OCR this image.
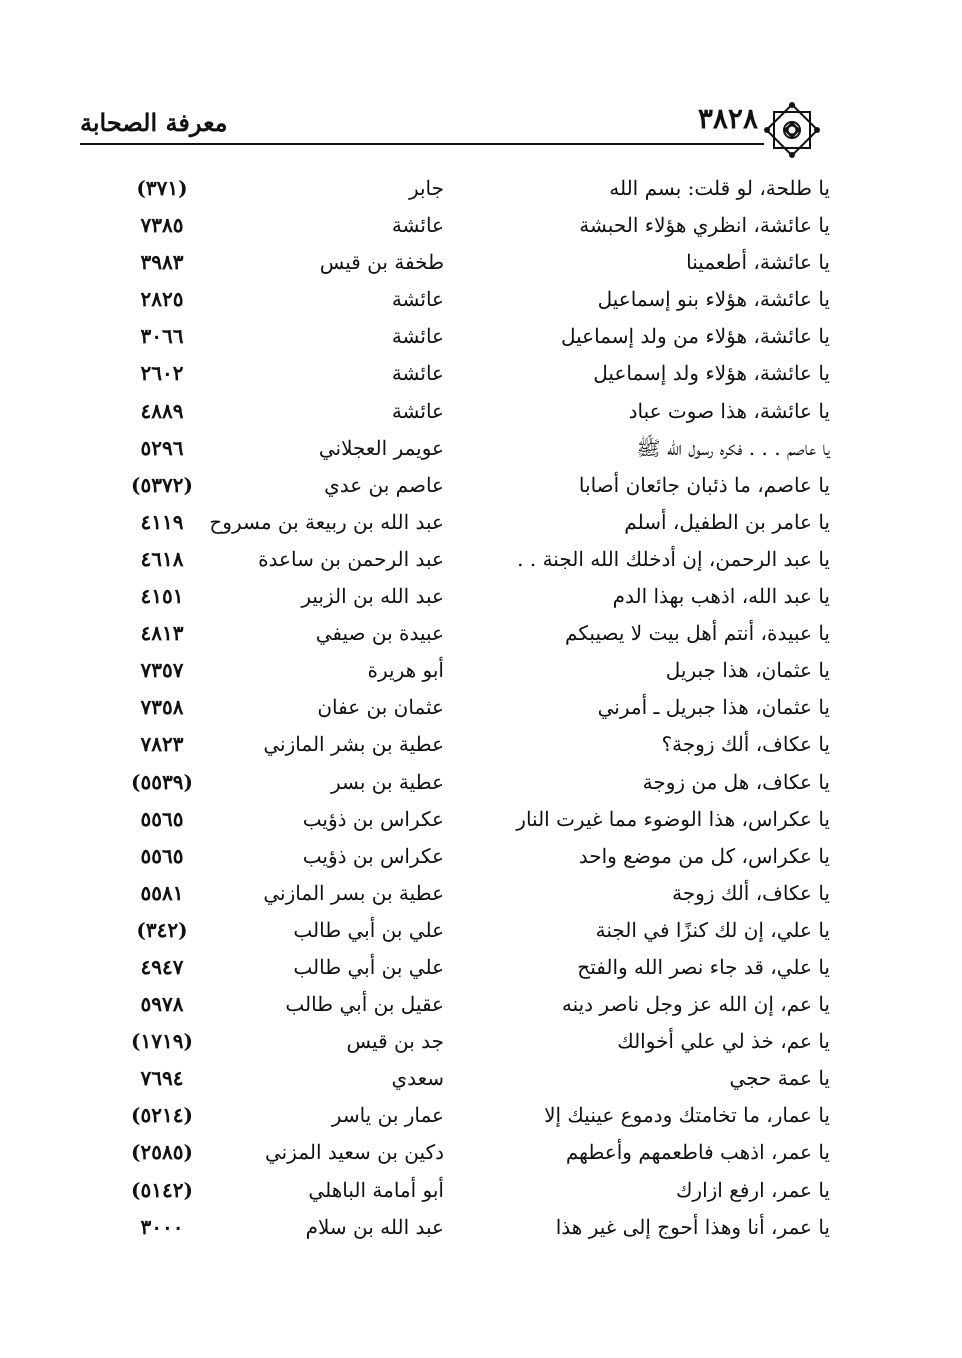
معرفة الصحابة	٣٨٢٨
يا طلحة، لو قلت: بسم الله
جابر
(٣٧١)
يا عائشة، انظري هؤلاء الحبشة
عائشة
٧٣٨٥
يا عائشة، أطعمينا
طخفة بن قيس
٣٩٨٣
يا عائشة، هؤلاء بنو إسماعيل
عائشة
٢٨٢٥
يا عائشة، هؤلاء من ولد إسماعيل
عائشة
٣٠٦٦
يا عائشة، هؤلاء ولد إسماعيل
عائشة
٢٦٠٢
يا عائشة، هذا صوت عباد
عائشة
٤٨٨٩
يا عاصم . . . فكره رسول الله ﷺ
عويمر العجلاني
٥٢٩٦
يا عاصم، ما ذئبان جائعان أصابا
عاصم بن عدي
(٥٣٧٢)
يا عامر بن الطفيل، أسلم
عبد الله بن ربيعة بن مسروح
٤١١٩
يا عبد الرحمن، إن أدخلك الله الجنة . .
عبد الرحمن بن ساعدة
٤٦١٨
يا عبد الله، اذهب بهذا الدم
عبد الله بن الزبير
٤١٥١
يا عبيدة، أنتم أهل بيت لا يصيبكم
عبيدة بن صيفي
٤٨١٣
يا عثمان، هذا جبريل
أبو هريرة
٧٣٥٧
يا عثمان، هذا جبريل ـ أمرني
عثمان بن عفان
٧٣٥٨
يا عكاف، ألك زوجة؟
عطية بن بشر المازني
٧٨٢٣
يا عكاف، هل من زوجة
عطية بن بسر
(٥٥٣٩)
يا عكراس، هذا الوضوء مما غيرت النار
عكراس بن ذؤيب
٥٥٦٥
يا عكراس، كل من موضع واحد
عكراس بن ذؤيب
٥٥٦٥
يا عكاف، ألك زوجة
عطية بن بسر المازني
٥٥٨١
يا علي، إن لك كنزًا في الجنة
علي بن أبي طالب
(٣٤٢)
يا علي، قد جاء نصر الله والفتح
علي بن أبي طالب
٤٩٤٧
يا عم، إن الله عز وجل ناصر دينه
عقيل بن أبي طالب
٥٩٧٨
يا عم، خذ لي علي أخوالك
جد بن قيس
(١٧١٩)
يا عمة حجي
سعدي
٧٦٩٤
يا عمار، ما تخامتك ودموع عينيك إلا
عمار بن ياسر
(٥٢١٤)
يا عمر، اذهب فاطعمهم وأعطهم
دكين بن سعيد المزني
(٢٥٨٥)
يا عمر، ارفع ازارك
أبو أمامة الباهلي
(٥١٤٢)
يا عمر، أنا وهذا أحوج إلى غير هذا
عبد الله بن سلام
٣٠٠٠
